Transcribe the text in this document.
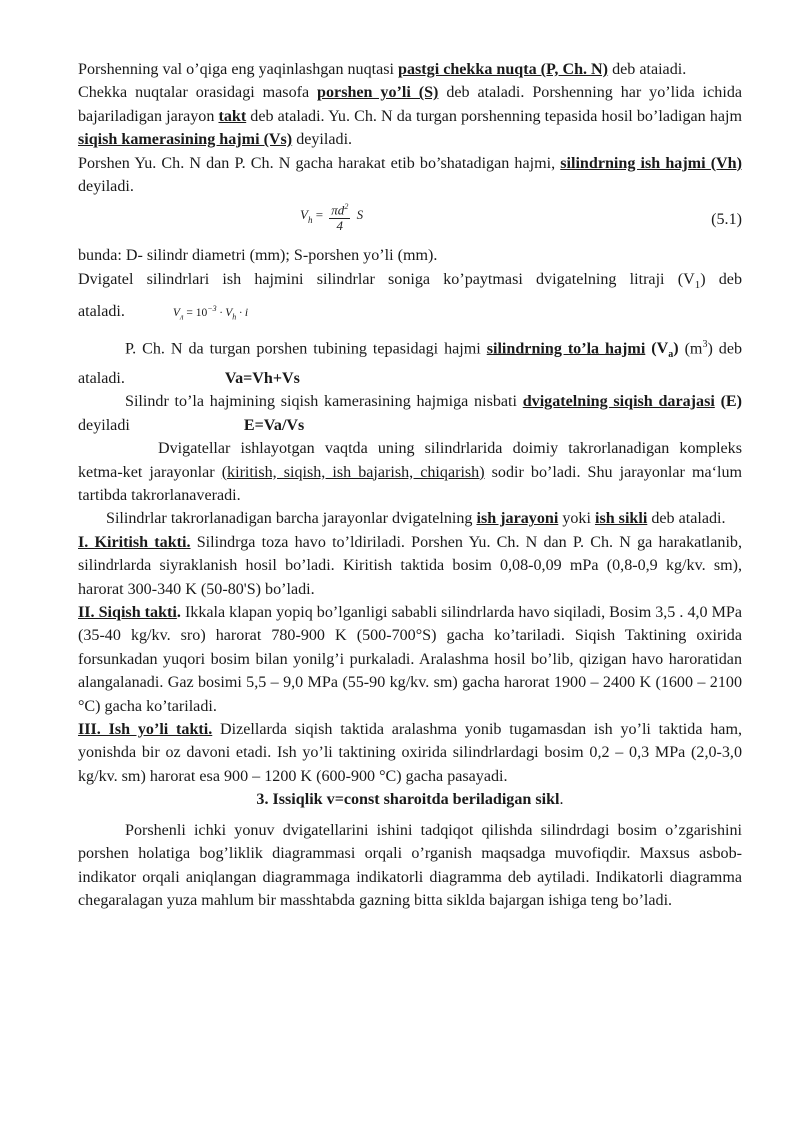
Porshenning val o’qiga eng yaqinlashgan nuqtasi pastgi chekka nuqta (P, Ch. N) deb ataiadi.

Chekka nuqtalar orasidagi masofa porshen yo’li (S) deb ataladi. Porshenning har yo’lida ichida bajariladigan jarayon takt deb ataladi. Yu. Ch. N da turgan porshenning tepasida hosil bo’ladigan hajm siqish kamerasining hajmi (Vs) deyiladi.

Porshen Yu. Ch. N dan P. Ch. N gacha harakat etib bo’shatadigan hajmi, silindrning ish hajmi (Vh) deyiladi.

$V_h = \frac{\pi d^2}{4}$ S	(5.1)

bunda: D- silindr diametri (mm); S-porshen yo’li (mm).

Dvigatel silindrlari ish hajmini silindrlar soniga ko’paytmasi dvigatelning litraji $(V_1)$ deb ataladi.	$V_л = 10^{-3} \cdot V_h \cdot i$

P. Ch. N da turgan porshen tubining tepasidagi hajmi silindrning to’la hajmi $(V_a)$ $(m^3)$ deb ataladi.	Va=Vh+Vs

Silindr to’la hajmining siqish kamerasining hajmiga nisbati dvigatelning siqish darajasi (E) deyiladi	E=Va/Vs

Dvigatellar ishlayotgan vaqtda uning silindrlarida doimiy takrorlanadigan kompleks ketma-ket jarayonlar (kiritish, siqish, ish bajarish, chiqarish) sodir bo’ladi. Shu jarayonlar maʻlum tartibda takrorlanaveradi.

Silindrlar takrorlanadigan barcha jarayonlar dvigatelning ish jarayoni yoki ish sikli deb ataladi.

I. Kiritish takti. Silindrga toza havo to’ldiriladi. Porshen Yu. Ch. N dan P. Ch. N ga harakatlanib, silindrlarda siyraklanish hosil bo’ladi. Kiritish taktida bosim 0,08-0,09 mPa (0,8-0,9 kg/kv. sm), harorat 300-340 K (50-80'S) bo’ladi.

II. Siqish takti. Ikkala klapan yopiq bo’lganligi sababli silindrlarda havo siqiladi, Bosim 3,5 . 4,0 MPa (35-40 kg/kv. sro) harorat 780-900 K (500-700°S) gacha ko’tariladi. Siqish Taktining oxirida forsunkadan yuqori bosim bilan yonilg’i purkaladi. Aralashma hosil bo’lib, qizigan havo haroratidan alangalanadi. Gaz bosimi 5,5 – 9,0 MPa (55-90 kg/kv. sm) gacha harorat 1900 – 2400 K (1600 – 2100 °C) gacha ko’tariladi.

III. Ish yo’li takti. Dizellarda siqish taktida aralashma yonib tugamasdan ish yo’li taktida ham, yonishda bir oz davoni etadi. Ish yo’li taktining oxirida silindrlardagi bosim 0,2 – 0,3 MPa (2,0-3,0 kg/kv. sm) harorat esa 900 – 1200 K (600-900 °C) gacha pasayadi.

3. Issiqlik v=const sharoitda beriladigan sikl.

Porshenli ichki yonuv dvigatellarini ishini tadqiqot qilishda silindrdagi bosim o’zgarishini porshen holatiga bog’liklik diagrammasi orqali o’rganish maqsadga muvofiqdir. Maxsus asbob-indikator orqali aniqlangan diagrammaga indikatorli diagramma deb aytiladi. Indikatorli diagramma chegaralagan yuza mahlum bir masshtabda gazning bitta siklda bajargan ishiga teng bo’ladi.
